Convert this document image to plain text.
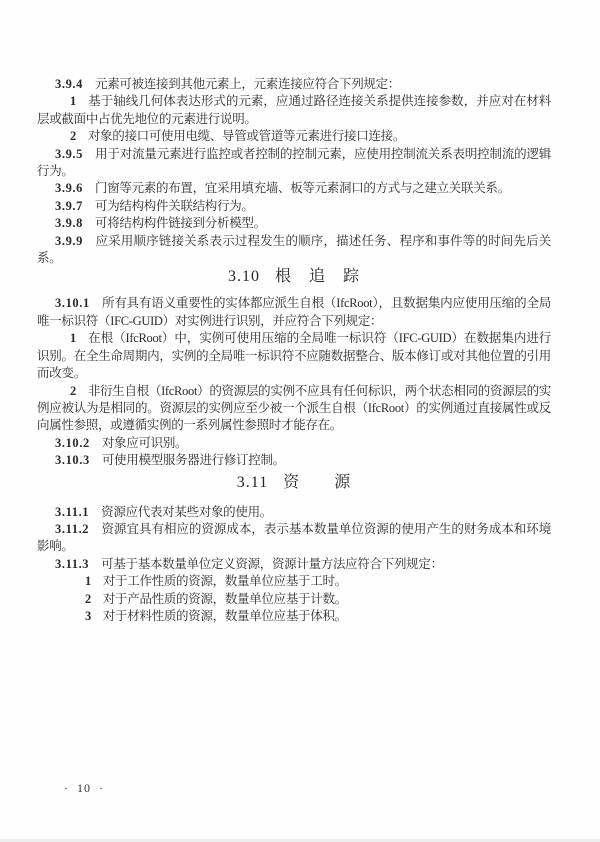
3.9.4 元素可被连接到其他元素上，元素连接应符合下列规定：

1 基于轴线几何体表达形式的元素，应通过路径连接关系提供连接参数，并应对在材料层或截面中占优先地位的元素进行说明。

2 对象的接口可使用电缆、导管或管道等元素进行接口连接。

3.9.5 用于对流量元素进行监控或者控制的控制元素，应使用控制流关系表明控制流的逻辑行为。

3.9.6 门窗等元素的布置，宜采用填充墙、板等元素洞口的方式与之建立关联关系。

3.9.7 可为结构构件关联结构行为。

3.9.8 可将结构构件链接到分析模型。

3.9.9 应采用顺序链接关系表示过程发生的顺序，描述任务、程序和事件等的时间先后关系。

3.10 根　追　踪

3.10.1 所有具有语义重要性的实体都应派生自根（IfcRoot），且数据集内应使用压缩的全局唯一标识符（IFC-GUID）对实例进行识别，并应符合下列规定：

1 在根（IfcRoot）中，实例可使用压缩的全局唯一标识符（IFC-GUID）在数据集内进行识别。在全生命周期内，实例的全局唯一标识符不应随数据整合、版本修订或对其他位置的引用而改变。

2 非衍生自根（IfcRoot）的资源层的实例不应具有任何标识，两个状态相同的资源层的实例应被认为是相同的。资源层的实例应至少被一个派生自根（IfcRoot）的实例通过直接属性或反向属性参照，或遵循实例的一系列属性参照时才能存在。

3.10.2 对象应可识别。

3.10.3 可使用模型服务器进行修订控制。

3.11 资　　源

3.11.1 资源应代表对某些对象的使用。

3.11.2 资源宜具有相应的资源成本，表示基本数量单位资源的使用产生的财务成本和环境影响。

3.11.3 可基于基本数量单位定义资源，资源计量方法应符合下列规定：

1 对于工作性质的资源，数量单位应基于工时。

2 对于产品性质的资源，数量单位应基于计数。

3 对于材料性质的资源，数量单位应基于体积。

· 10 ·
